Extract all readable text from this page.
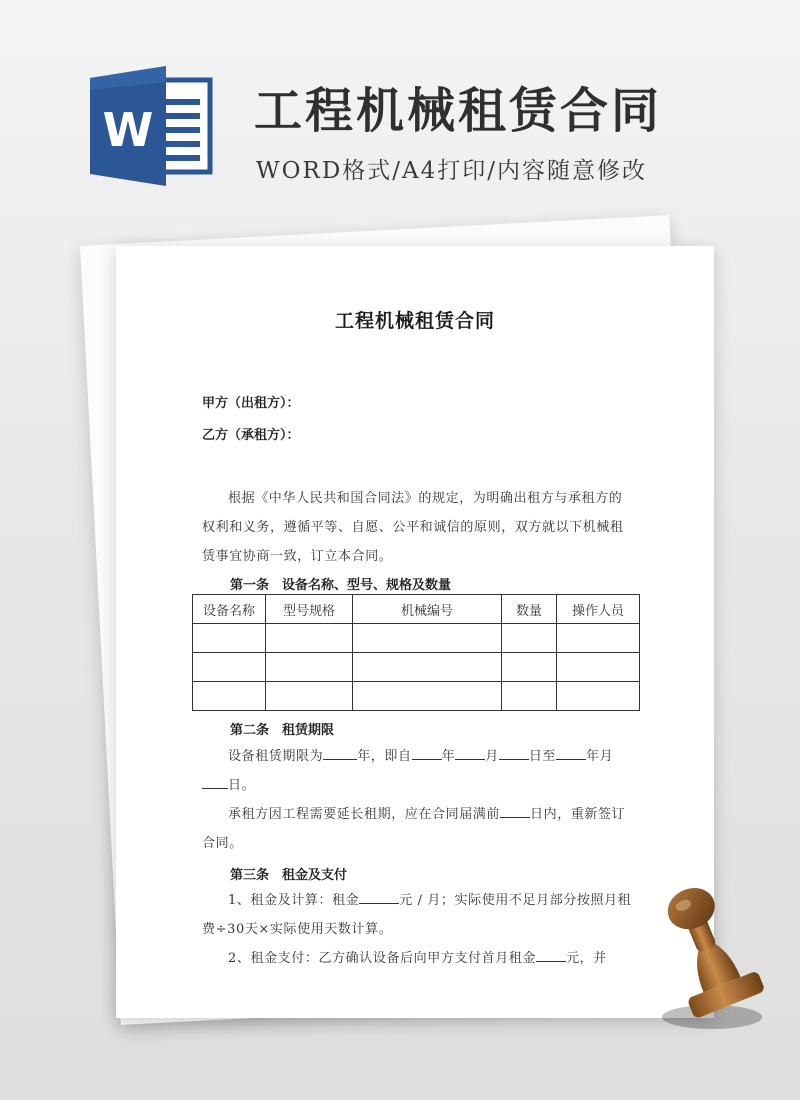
W 工程机械租赁合同
WORD格式/A4打印/内容随意修改
工程机械租赁合同
甲方（出租方）：
乙方（承租方）：
根据《中华人民共和国合同法》的规定，为明确出租方与承租方的权利和义务，遵循平等、自愿、公平和诚信的原则，双方就以下机械租赁事宜协商一致，订立本合同。
第一条　设备名称、型号、规格及数量
设备名称	型号规格	机械编号	数量	操作人员

第二条　租赁期限
设备租赁期限为	年，即自 年 月 日至 年月日。
承租方因工程需要延长租期，应在合同届满前 日内，重新签订合同。
第三条　租金及支付
1、租金及计算：租金	元 / 月；实际使用不足月部分按照月租费÷30天×实际使用天数计算。
2、租金支付：乙方确认设备后向甲方支付首月租金 元，并
